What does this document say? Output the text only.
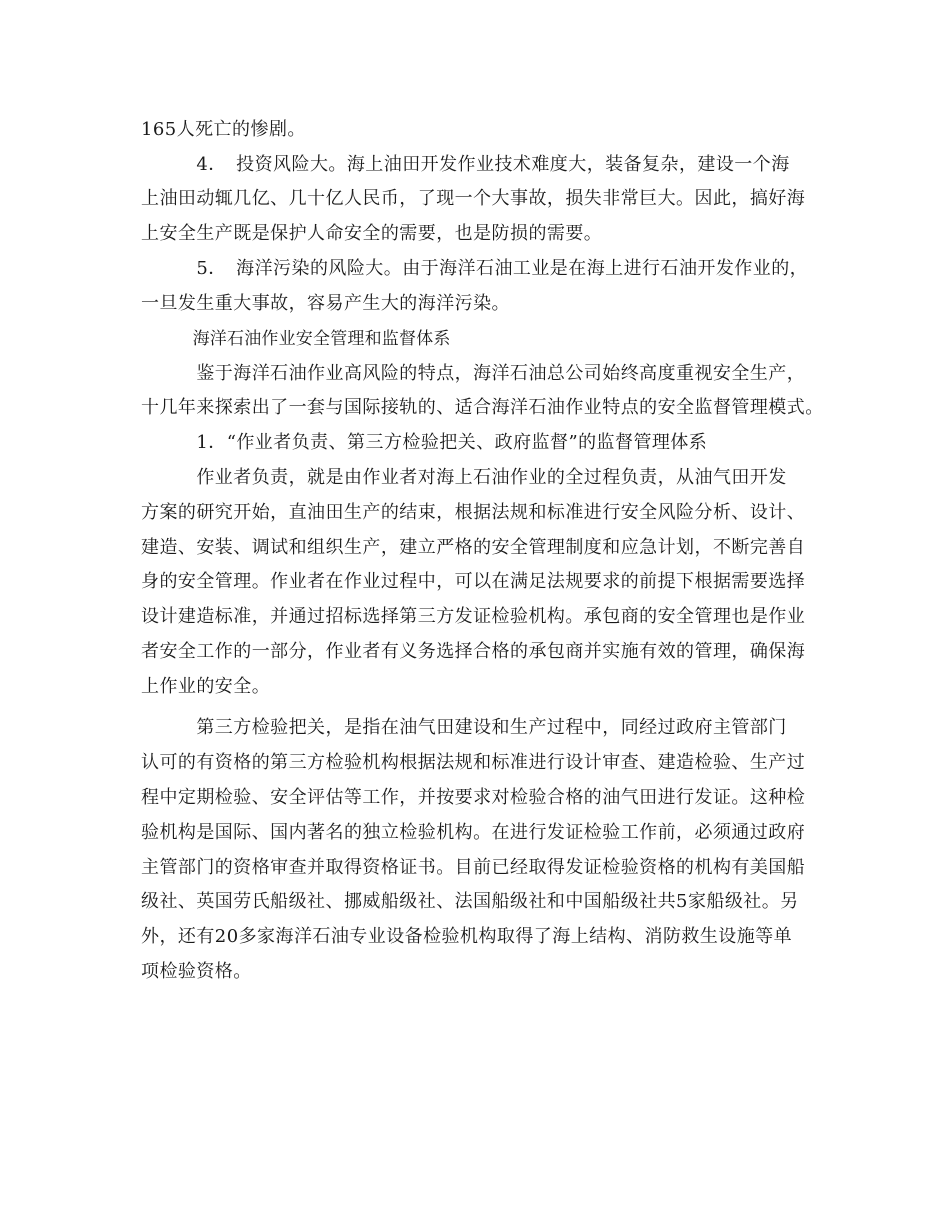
165人死亡的惨剧。
　　　4．　投资风险大。海上油田开发作业技术难度大，装备复杂，建设一个海
上油田动辄几亿、几十亿人民币，了现一个大事故，损失非常巨大。因此，搞好海
上安全生产既是保护人命安全的需要，也是防损的需要。
　　　5．　海洋污染的风险大。由于海洋石油工业是在海上进行石油开发作业的，
一旦发生重大事故，容易产生大的海洋污染。
　　　海洋石油作业安全管理和监督体系
　　　鉴于海洋石油作业高风险的特点，海洋石油总公司始终高度重视安全生产，
十几年来探索出了一套与国际接轨的、适合海洋石油作业特点的安全监督管理模式。
　　　1．“作业者负责、第三方检验把关、政府监督”的监督管理体系
　　　作业者负责，就是由作业者对海上石油作业的全过程负责，从油气田开发
方案的研究开始，直油田生产的结束，根据法规和标准进行安全风险分析、设计、
建造、安装、调试和组织生产，建立严格的安全管理制度和应急计划，不断完善自
身的安全管理。作业者在作业过程中，可以在满足法规要求的前提下根据需要选择
设计建造标准，并通过招标选择第三方发证检验机构。承包商的安全管理也是作业
者安全工作的一部分，作业者有义务选择合格的承包商并实施有效的管理，确保海
上作业的安全。
　　　第三方检验把关，是指在油气田建设和生产过程中，同经过政府主管部门
认可的有资格的第三方检验机构根据法规和标准进行设计审查、建造检验、生产过
程中定期检验、安全评估等工作，并按要求对检验合格的油气田进行发证。这种检
验机构是国际、国内著名的独立检验机构。在进行发证检验工作前，必须通过政府
主管部门的资格审查并取得资格证书。目前已经取得发证检验资格的机构有美国船
级社、英国劳氏船级社、挪威船级社、法国船级社和中国船级社共5家船级社。另
外，还有20多家海洋石油专业设备检验机构取得了海上结构、消防救生设施等单
项检验资格。
